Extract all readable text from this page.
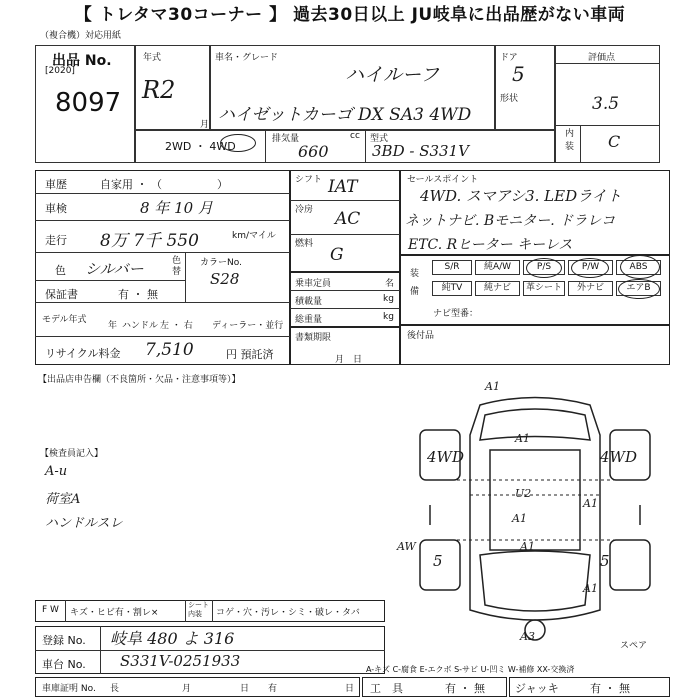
【 トレタマ30コーナー 】 過去30日以上 JU岐阜に出品歴がない車両
（複合機）対応用紙
出品 No.
[2020]
8097
年式
R2
月
車名・グレード
ハイルーフ
ハイゼットカーゴ DX SA3 4WD
ドア
5
形状
評価点
3.5
内装 C
2WD ・ 4WD
排気量	cc
660
型式
3BD - S331V
車歴	自家用 ・ （　　　　　）
車検	8 年 10 月
走行 8万 7千 550	km/マイル
色 シルバー	色替
カラーNo.
S28
保証書	有 ・ 無
モデル年式
年 ハンドル 左 ・ 右 ディーラー・並行
リサイクル料金 7,510	円 預託済
シフト IAT
冷房 AC
燃料
G
乗車定員	名
積載量	kg
総重量	kg
書類期限
月　日
セールスポイント
4WD. スマアシ3. LEDライト
ネットナビ. Bモニター. ドラレコ
ETC. Rヒーター キーレス
装備
S/R	純A/W	P/S	P/W	ABS
純TV	純ナビ	革シート	外ナビ	エアB
ナビ型番：
後付品
【出品店申告欄（不良箇所・欠品・注意事項等）】
【検査員記入】
A-u
荷室A
ハンドルスレ
A1
A1
U2
A1
A1
A1
A1
A3
AW
4WD	4WD
5	5
スペア
F W キズ・ヒビ有・割レ×
シート内装	コゲ・穴・汚レ・シミ・破レ・タバ
登録 No. 岐阜 480 よ 316
車台 No. S331V-0251933	A-キズ C-腐食 E-エクボ S-サビ U-凹ミ W-補修 XX-交換済
車庫証明 No. 長	月	日 有	日 工　具	有 ・ 無	ジャッキ	有 ・ 無
